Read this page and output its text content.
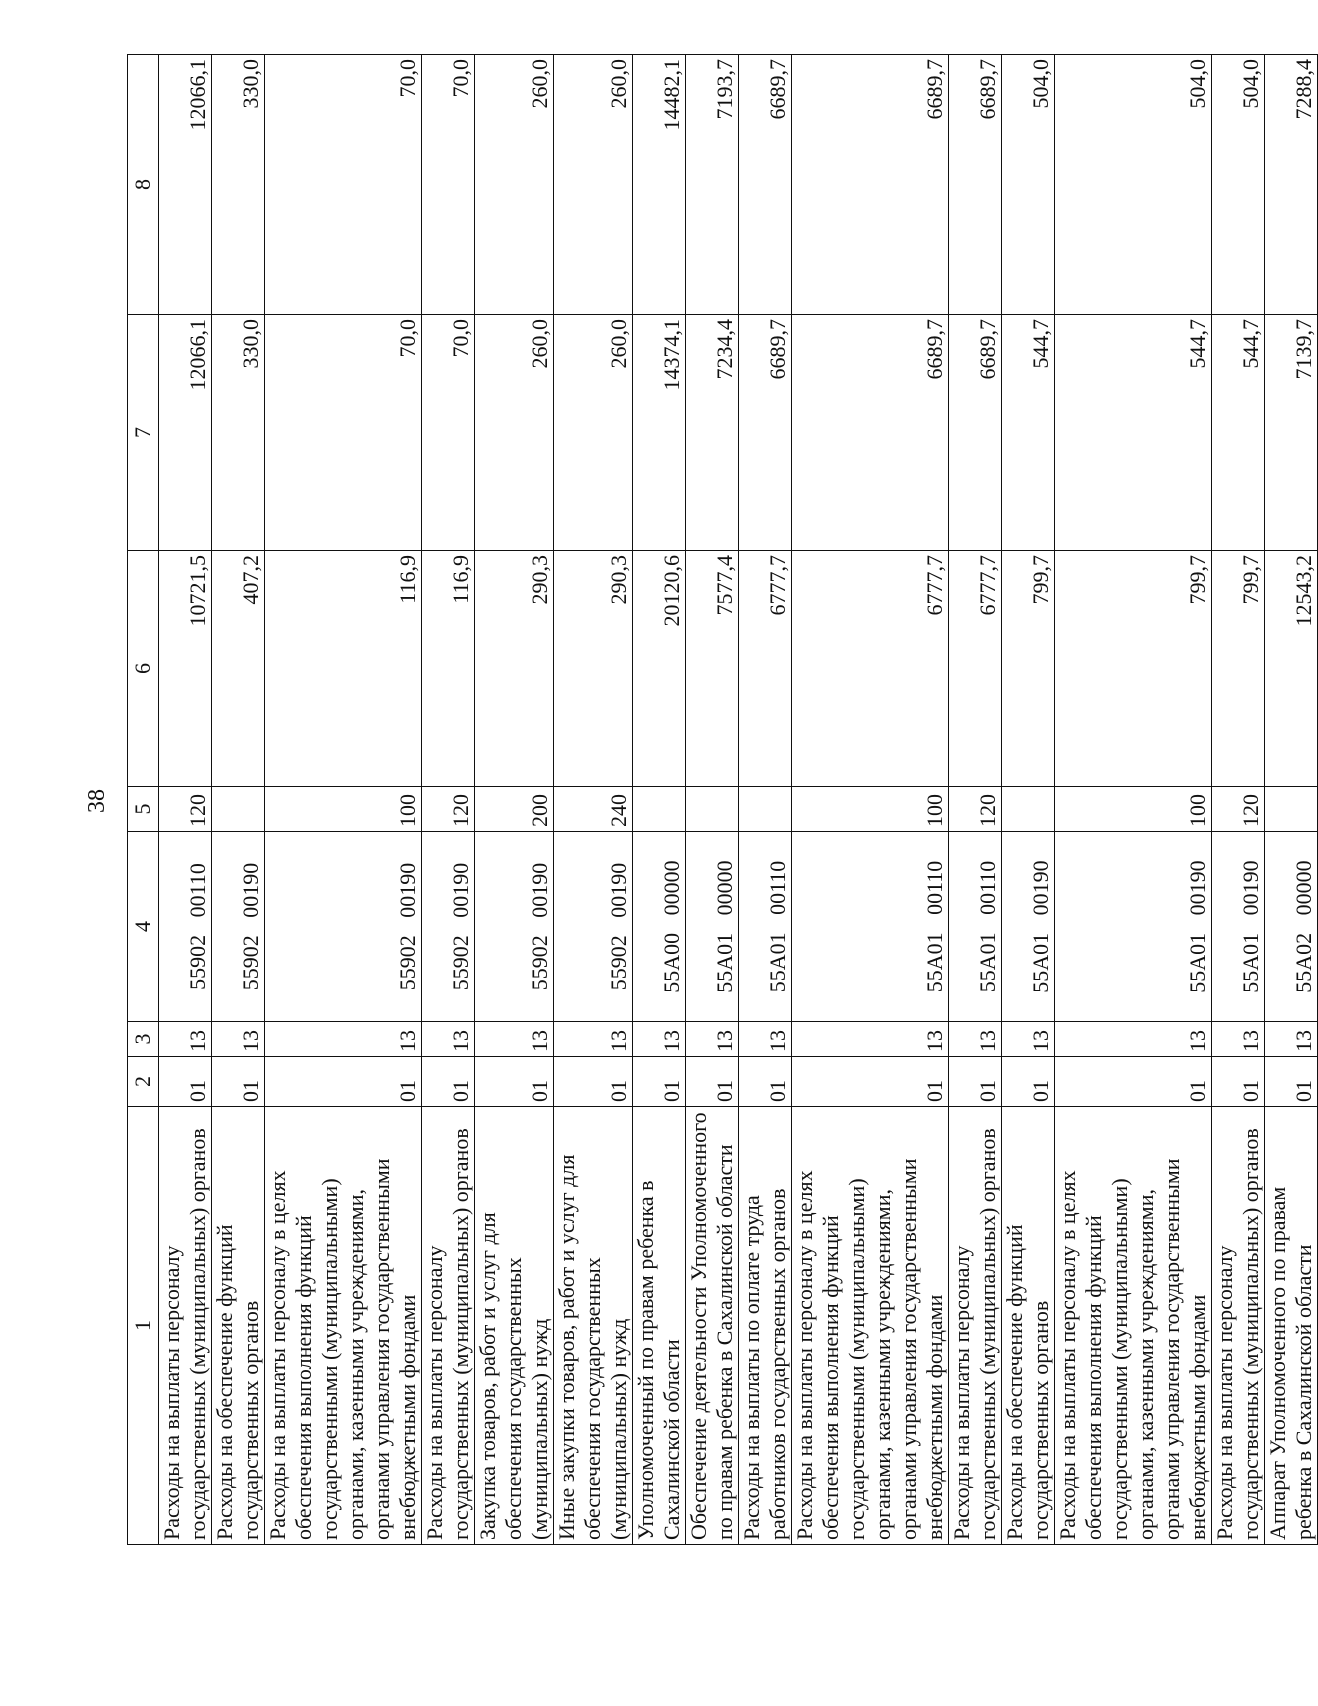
38
1	2	3	4	5	6	7	8
Расходы на выплаты персоналу государственных (муниципальных) органов	01	13	55902 00110	120	10721,5	12066,1	12066,1
Расходы на обеспечение функций государственных органов	01	13	55902 00190		407,2	330,0	330,0
Расходы на выплаты персоналу в целях обеспечения выполнения функций государственными (муниципальными) органами, казенными учреждениями, органами управления государственными внебюджетными фондами	01	13	55902 00190	100	116,9	70,0	70,0
Расходы на выплаты персоналу государственных (муниципальных) органов	01	13	55902 00190	120	116,9	70,0	70,0
Закупка товаров, работ и услуг для обеспечения государственных (муниципальных) нужд	01	13	55902 00190	200	290,3	260,0	260,0
Иные закупки товаров, работ и услуг для обеспечения государственных (муниципальных) нужд	01	13	55902 00190	240	290,3	260,0	260,0
Уполномоченный по правам ребенка в Сахалинской области	01	13	55А00 00000		20120,6	14374,1	14482,1
Обеспечение деятельности Уполномоченного по правам ребенка в Сахалинской области	01	13	55А01 00000		7577,4	7234,4	7193,7
Расходы на выплаты по оплате труда работников государственных органов	01	13	55А01 00110		6777,7	6689,7	6689,7
Расходы на выплаты персоналу в целях обеспечения выполнения функций государственными (муниципальными) органами, казенными учреждениями, органами управления государственными внебюджетными фондами	01	13	55А01 00110	100	6777,7	6689,7	6689,7
Расходы на выплаты персоналу государственных (муниципальных) органов	01	13	55А01 00110	120	6777,7	6689,7	6689,7
Расходы на обеспечение функций государственных органов	01	13	55А01 00190		799,7	544,7	504,0
Расходы на выплаты персоналу в целях обеспечения выполнения функций государственными (муниципальными) органами, казенными учреждениями, органами управления государственными внебюджетными фондами	01	13	55А01 00190	100	799,7	544,7	504,0
Расходы на выплаты персоналу государственных (муниципальных) органов	01	13	55А01 00190	120	799,7	544,7	504,0
Аппарат Уполномоченного по правам ребенка в Сахалинской области	01	13	55А02 00000		12543,2	7139,7	7288,4
